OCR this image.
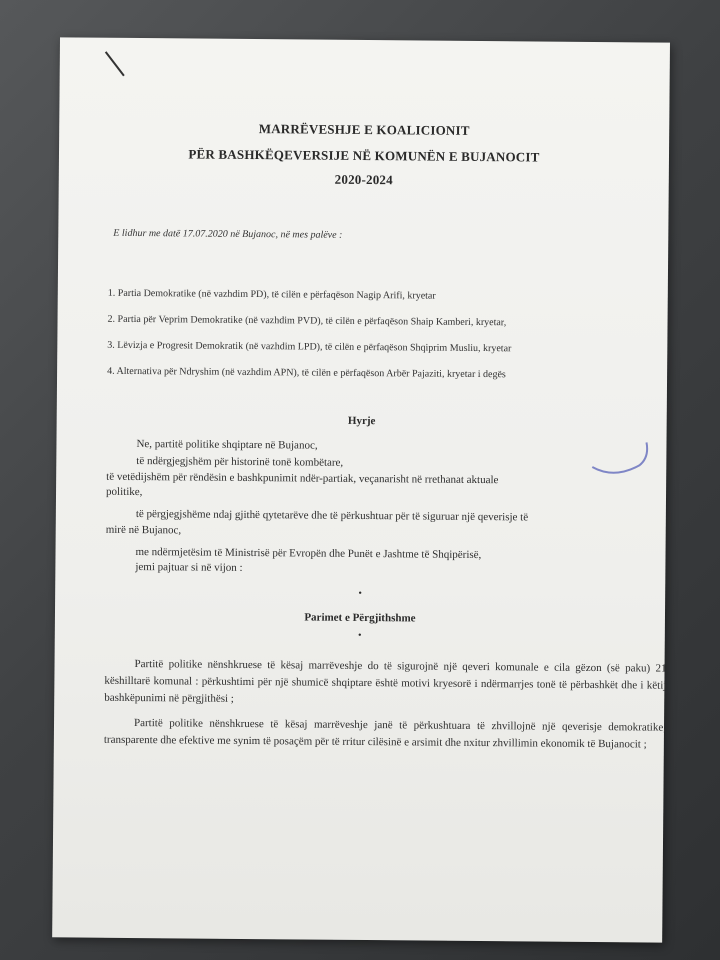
MARRËVESHJE E KOALICIONIT
PËR BASHKËQEVERSIJE NË KOMUNËN E BUJANOCIT
2020-2024
E lidhur me datë 17.07.2020 në Bujanoc, në mes palëve :
1. Partia Demokratike (në vazhdim PD), të cilën e përfaqëson Nagip Arifi, kryetar
2. Partia për Veprim Demokratike (në vazhdim PVD), të cilën e përfaqëson Shaip Kamberi, kryetar,
3. Lëvizja e Progresit Demokratik (në vazhdim LPD), të cilën e përfaqëson Shqiprim Musliu, kryetar
4. Alternativa për Ndryshim (në vazhdim APN), të cilën e përfaqëson Arbër Pajaziti, kryetar i degës
Hyrje
Ne, partitë politike shqiptare në Bujanoc,
të ndërgjegjshëm për historinë tonë kombëtare,
të vetëdijshëm për rëndësin e bashkpunimit ndër-partiak, veçanarisht në rrethanat aktuale
politike,
të përgjegjshëme ndaj gjithë qytetarëve dhe të përkushtuar për të siguruar një qeverisje të
mirë në Bujanoc,
me ndërmjetësim të Ministrisë për Evropën dhe Punët e Jashtme të Shqipërisë,
jemi pajtuar si në vijon :
•
Parimet e Përgjithshme
•
Partitë politike nënshkruese të kësaj marrëveshje do të sigurojnë një qeveri komunale e cila gëzon (së paku) 21 këshilltarë komunal : përkushtimi për një shumicë shqiptare është motivi kryesorë i ndërmarrjes tonë të përbashkët dhe i këtij bashkëpunimi në përgjithësi ;
Partitë politike nënshkruese të kësaj marrëveshje janë të përkushtuara të zhvillojnë një qeverisje demokratike, transparente dhe efektive me synim të posaçëm për të rritur cilësinë e arsimit dhe nxitur zhvillimin ekonomik të Bujanocit ;
